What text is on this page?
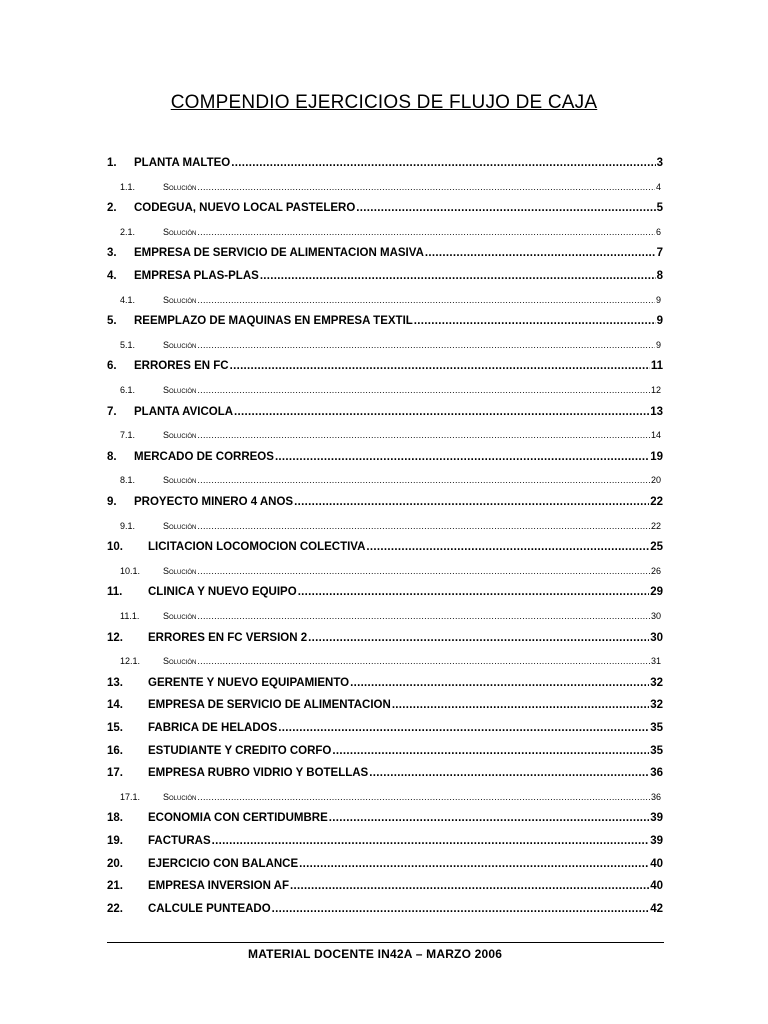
COMPENDIO EJERCICIOS DE FLUJO DE CAJA
1. PLANTA MALTEO .....	3
1.1.	Solución .....	4
2. CODEGUA, NUEVO LOCAL PASTELERO .....	5
2.1.	Solución .....	6
3. EMPRESA DE SERVICIO DE ALIMENTACIÓN MASIVA .....	7
4. EMPRESA PLAS-PLAS .....	8
4.1.	Solución .....	9
5. REEMPLAZO DE MÀQUINAS EN EMPRESA TEXTIL .....	9
5.1.	Solución .....	9
6. ERRORES EN FC .....	11
6.1.	Solución .....	12
7. PLANTA AVÍCOLA .....	13
7.1.	Solución .....	14
8. MERCADO DE CORREOS .....	19
8.1.	Solución .....	20
9. PROYECTO MINERO 4 AÑOS .....	22
9.1.	Solución .....	22
10. LICITACIÓN LOCOMOCIÓN COLECTIVA .....	25
10.1.	Solución .....	26
11. CLÍNICA Y NUEVO EQUIPO .....	29
11.1.	Solución .....	30
12. ERRORES EN FC VERSIÓN 2 .....	30
12.1.	Solución .....	31
13. GERENTE Y NUEVO EQUIPAMIENTO .....	32
14. EMPRESA DE SERVICIO DE ALIMENTACION .....	32
15. FABRICA DE HELADOS .....	35
16. ESTUDIANTE Y CRÉDITO CORFO .....	35
17. EMPRESA RUBRO VIDRIO Y BOTELLAS .....	36
17.1.	Solución .....	36
18. ECONOMÍA CON CERTIDUMBRE .....	39
19. FACTURAS .....	39
20. EJERCICIO CON BALANCE .....	40
21. EMPRESA INVERSIÓN AF .....	40
22. CALCULE PUNTEADO .....	42
MATERIAL DOCENTE IN42A – MARZO 2006
